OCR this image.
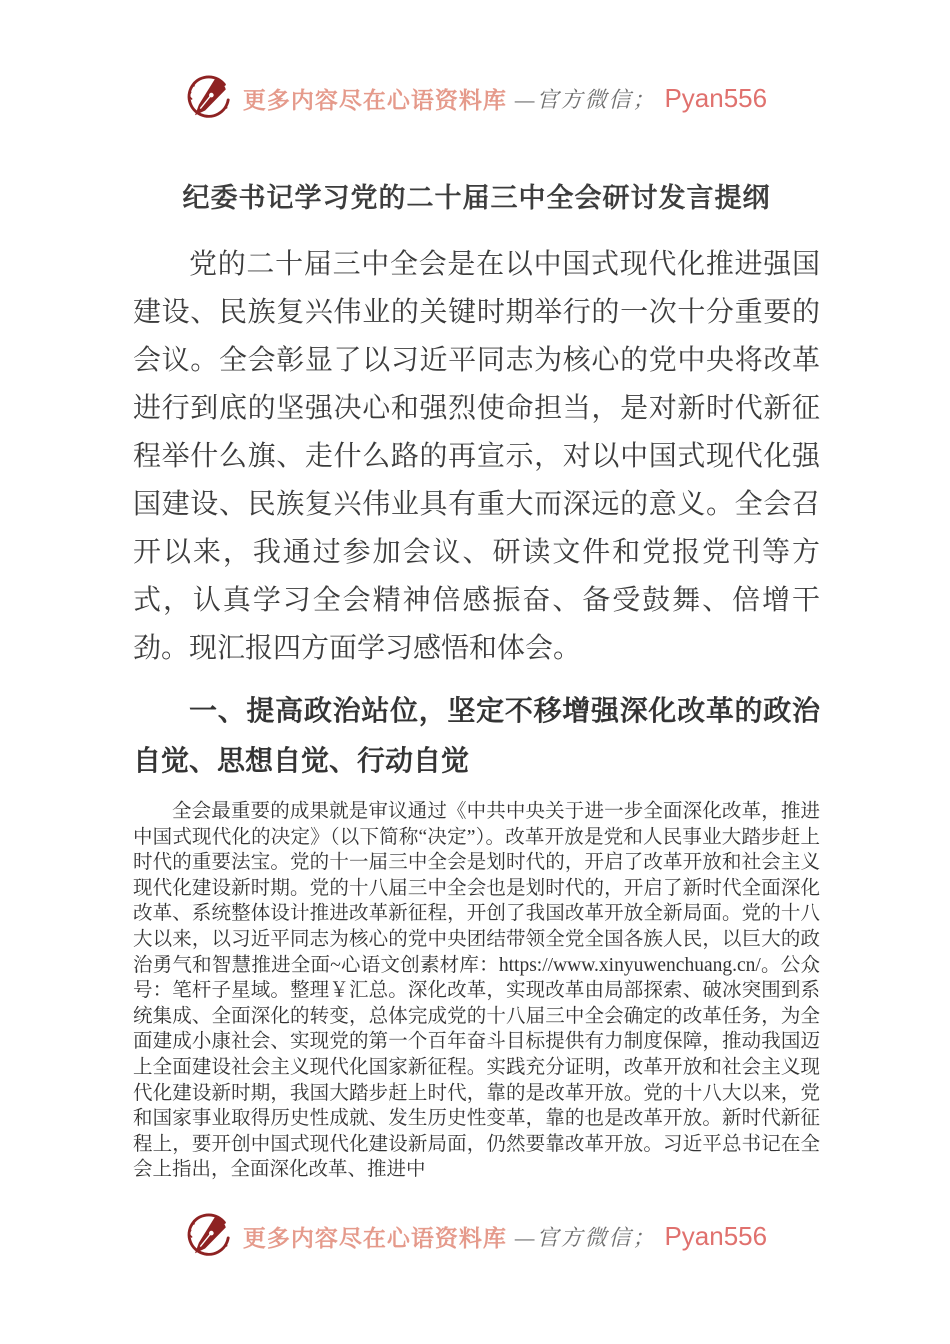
更多内容尽在心语资料库 —官方微信； Pyan556
纪委书记学习党的二十届三中全会研讨发言提纲

党的二十届三中全会是在以中国式现代化推进强国建设、民族复兴伟业的关键时期举行的一次十分重要的会议。全会彰显了以习近平同志为核心的党中央将改革进行到底的坚强决心和强烈使命担当，是对新时代新征程举什么旗、走什么路的再宣示，对以中国式现代化强国建设、民族复兴伟业具有重大而深远的意义。全会召开以来，我通过参加会议、研读文件和党报党刊等方式，认真学习全会精神倍感振奋、备受鼓舞、倍增干劲。现汇报四方面学习感悟和体会。

一、提高政治站位，坚定不移增强深化改革的政治自觉、思想自觉、行动自觉

全会最重要的成果就是审议通过《中共中央关于进一步全面深化改革，推进中国式现代化的决定》（以下简称“决定”）。改革开放是党和人民事业大踏步赶上时代的重要法宝。党的十一届三中全会是划时代的，开启了改革开放和社会主义现代化建设新时期。党的十八届三中全会也是划时代的，开启了新时代全面深化改革、系统整体设计推进改革新征程，开创了我国改革开放全新局面。党的十八大以来，以习近平同志为核心的党中央团结带领全党全国各族人民，以巨大的政治勇气和智慧推进全面~心语文创素材库：https://www.xinyuwenchuang.cn/。公众号：笔杆子星域。整理￥汇总。深化改革，实现改革由局部探索、破冰突围到系统集成、全面深化的转变，总体完成党的十八届三中全会确定的改革任务，为全面建成小康社会、实现党的第一个百年奋斗目标提供有力制度保障，推动我国迈上全面建设社会主义现代化国家新征程。实践充分证明，改革开放和社会主义现代化建设新时期，我国大踏步赶上时代，靠的是改革开放。党的十八大以来，党和国家事业取得历史性成就、发生历史性变革，靠的也是改革开放。新时代新征程上，要开创中国式现代化建设新局面，仍然要靠改革开放。习近平总书记在全会上指出，全面深化改革、推进中

更多内容尽在心语资料库 —官方微信； Pyan556
